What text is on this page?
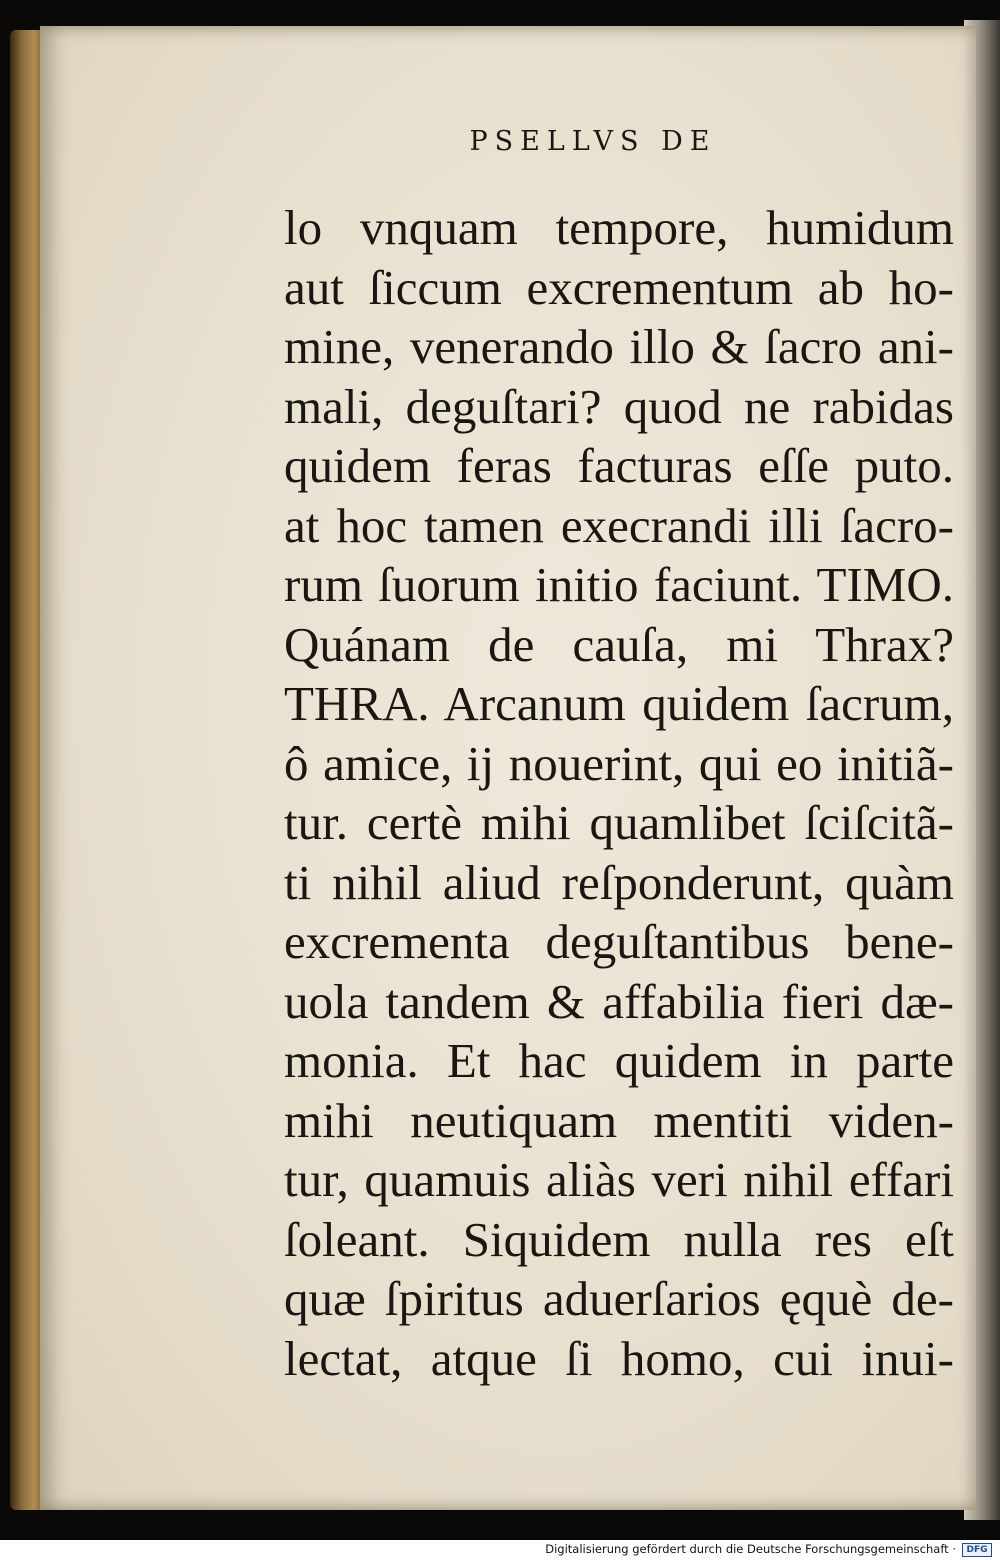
PSELLVS DE
lo vnquam tempore, humidum
aut ſiccum excrementum ab ho-
mine, venerando illo & ſacro ani-
mali, deguſtari? quod ne rabidas
quidem feras facturas eſſe puto.
at hoc tamen execrandi illi ſacro-
rum ſuorum initio faciunt. TIMO.
Quánam de cauſa, mi Thrax?
THRA. Arcanum quidem ſacrum,
ô amice, ij nouerint, qui eo initiã-
tur. certè mihi quamlibet ſciſcitã-
ti nihil aliud reſponderunt, quàm
excrementa deguſtantibus bene-
uola tandem & affabilia fieri dæ-
monia. Et hac quidem in parte
mihi neutiquam mentiti viden-
tur, quamuis aliàs veri nihil effari
ſoleant. Siquidem nulla res eſt
quæ ſpiritus aduerſarios ęquè de-
lectat, atque ſi homo, cui inui-
Digitalisierung gefördert durch die Deutsche Forschungsgemeinschaft ·	DFG
